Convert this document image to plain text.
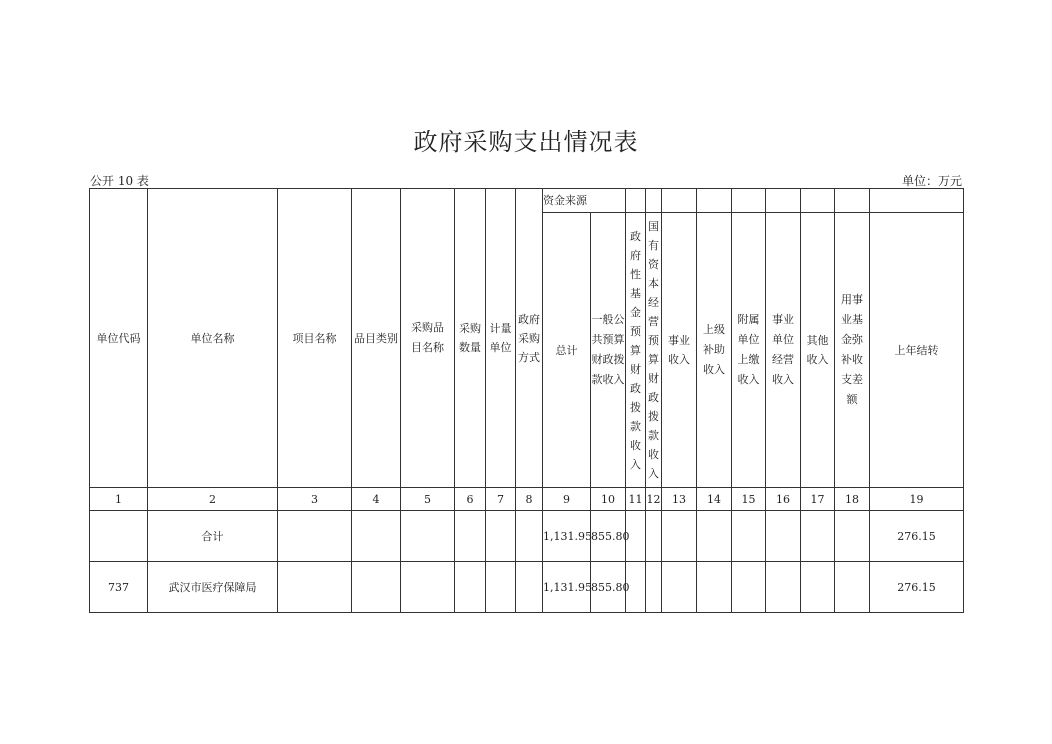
政府采购支出情况表
公开 10 表	单位：万元
单位代码	单位名称	项目名称	品目类别	采购品目名称	采购数量	计量单位	政府采购方式	资金来源										
								总计	一般公共预算财政拨款收入	政府性基金预算财政拨款收入	国有资本经营预算财政拨款收入	事业收入	上级补助收入	附属单位上缴收入	事业单位经营收入	其他收入	用事业基金弥补收支差额	上年结转
1	2	3	4	5	6	7	8	9	10	11	12	13	14	15	16	17	18	19
	合计							1,131.95	855.80									276.15
737	武汉市医疗保障局							1,131.95	855.80									276.15
